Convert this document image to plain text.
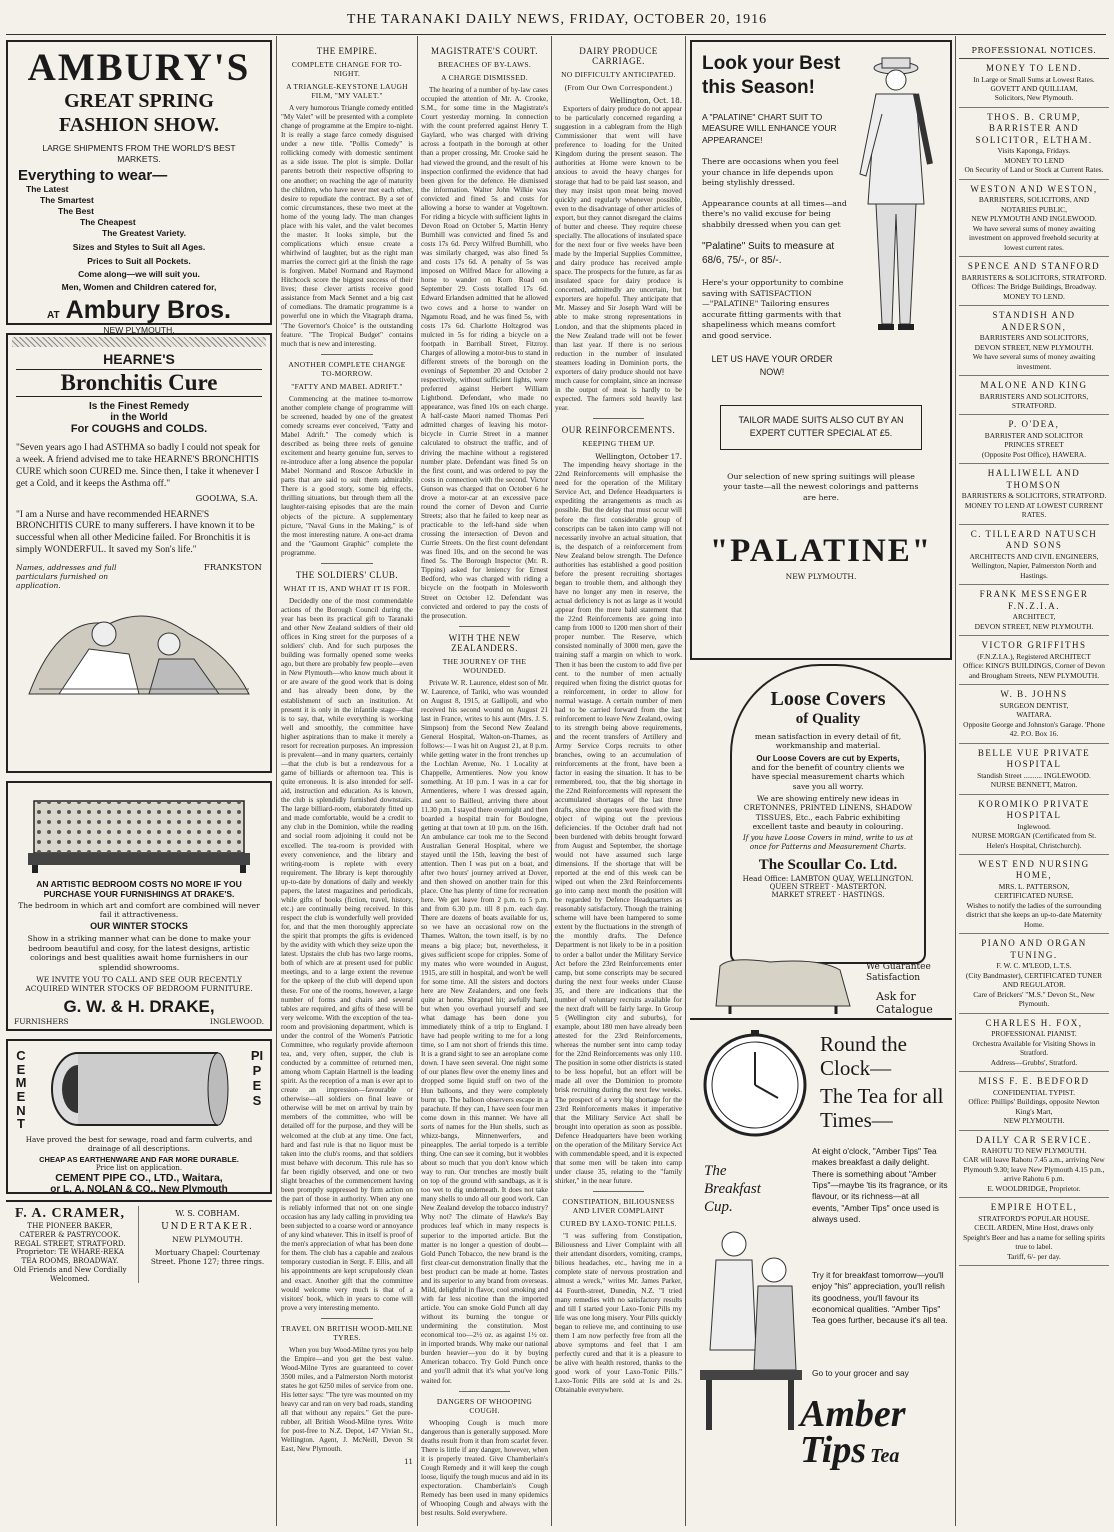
THE TARANAKI DAILY NEWS, FRIDAY, OCTOBER 20, 1916
AMBURY'S
GREAT SPRING
FASHION SHOW.
LARGE SHIPMENTS FROM THE WORLD'S BEST MARKETS.
Everything to wear—
The Latest
The Smartest
The Best
The Cheapest
The Greatest Variety.
Sizes and Styles to Suit all Ages.
Prices to Suit all Pockets.
Come along—we will suit you.
Men, Women and Children catered for,
AT Ambury Bros.
NEW PLYMOUTH.
HEARNE'S
Bronchitis Cure
Is the Finest Remedy
in the World
For COUGHS and COLDS.
"Seven years ago I had ASTHMA so badly I could not speak for a week. A friend advised me to take HEARNE'S BRONCHITIS CURE which soon CURED me. Since then, I take it whenever I get a Cold, and it keeps the Asthma off."
GOOLWA, S.A.
"I am a Nurse and have recommended HEARNE'S BRONCHITIS CURE to many sufferers. I have known it to be successful when all other Medicine failed. For Bronchitis it is simply WONDERFUL. It saved my Son's life."
Names, addresses and full particulars furnished on application.
FRANKSTON
AN ARTISTIC BEDROOM COSTS NO MORE IF YOU PURCHASE YOUR FURNISHINGS AT DRAKE'S.
The bedroom in which art and comfort are combined will never fail it attractiveness.
OUR WINTER STOCKS
Show in a striking manner what can be done to make your bedroom beautiful and cosy, for the latest designs, artistic colorings and best qualities await home furnishers in our splendid showrooms.
WE INVITE YOU TO CALL AND SEE OUR RECENTLY ACQUIRED WINTER STOCKS OF BEDROOM FURNITURE.
G. W. & H. DRAKE,
FURNISHERS	INGLEWOOD.
CEMENT
PIPES
Have proved the best for sewage, road and farm culverts, and drainage of all descriptions.
CHEAP AS EARTHENWARE AND FAR MORE DURABLE.
Price list on application.
CEMENT PIPE CO., LTD., Waitara,
or L. A. NOLAN & CO., New Plymouth
F. A. CRAMER,
THE PIONEER BAKER,
CATERER & PASTRYCOOK.
REGAL STREET, STRATFORD.
Proprietor: TE WHARE-REKA
TEA ROOMS, BROADWAY.
Old Friends and New Cordially Welcomed.
W. S. COBHAM.
UNDERTAKER.
NEW PLYMOUTH.
Mortuary Chapel: Courtenay Street. Phone 127; three rings.
THE EMPIRE.
COMPLETE CHANGE FOR TO-NIGHT.
A TRIANGLE-KEYSTONE LAUGH FILM, "MY VALET."

A very humorous Triangle comedy entitled "My Valet" will be presented with a complete change of programme at the Empire to-night. It is really a stage farce comedy disguised under a new title. "Pollis Comedy" is rollicking comedy with domestic sentiment as a side issue. The plot is simple. Dollar parents betroth their respective offspring to one another; on reaching the age of maturity the children, who have never met each other, desire to repudiate the contract. By a set of comic circumstances, these two meet at the home of the young lady. The man changes place with his valet, and the valet becomes the master. It looks simple, but the complications which ensue create a whirlwind of laughter, but as the right man marries the correct girl at the finish the rage is forgiven. Mabel Normand and Raymond Hitchcock score the biggest success of their lives; these clever artists receive good assistance from Mack Sennet and a big cast of comedians. The dramatic programme is a powerful one in which the Vitagraph drama, "The Governor's Choice" is the outstanding feature. "The Tropical Budget" contains much that is new and interesting.

ANOTHER COMPLETE CHANGE TO-MORROW.
"FATTY AND MABEL ADRIFT."

Commencing at the matinee to-morrow another complete change of programme will be screened, headed by one of the greatest comedy screams ever conceived, "Fatty and Mabel Adrift." The comedy which is described as being three reels of genuine excitement and hearty genuine fun, serves to re-introduce after a long absence the popular Mabel Normand and Roscoe Arbuckle in parts that are said to suit them admirably. There is a good story, some big effects, thrilling situations, but through them all the laughter-raising episodes that are the main objects of the picture. A supplementary picture, "Naval Guns in the Making," is of the most interesting nature. A one-act drama and the "Gaumont Graphic" complete the programme.

THE SOLDIERS' CLUB.
WHAT IT IS, AND WHAT IT IS FOR.

Decidedly one of the most commendable actions of the Borough Council during the year has been its practical gift to Taranaki and other New Zealand soldiers of their old offices in King street for the purposes of a soldiers' club. And for such purposes the building was formally opened some weeks ago, but there are probably few people—even in New Plymouth—who know much about it or are aware of the good work that is doing and has already been done, by the establishment of such an institution. At present it is only in the infantile stage—that is to say, that, while everything is working well and smoothly, the committee have higher aspirations than to make it merely a resort for recreation purposes. An impression is prevalent—and in many quarters, certainly—that the club is but a rendezvous for a game of billiards or afternoon tea. This is quite erroneous. It is also intended for self-aid, instruction and education. As is known, the club is splendidly furnished downstairs. The large billiard-room, elaborately fitted up and made comfortable, would be a credit to any club in the Dominion, while the reading and social room adjoining it could not be excelled. The tea-room is provided with every convenience, and the library and writing-room is replete with every requirement. The library is kept thoroughly up-to-date by donations of daily and weekly papers, the latest magazines and periodicals, while gifts of books (fiction, travel, history, etc.) are continually being received. In this respect the club is wonderfully well provided for, and that the men thoroughly appreciate the spirit that prompts the gifts is evidenced by the avidity with which they seize upon the latest. Upstairs the club has two large rooms, both of which are at present used for public meetings, and to a large extent the revenue for the upkeep of the club will depend upon these. For one of the rooms, however, a large number of forms and chairs and several tables are required, and gifts of these will be very welcome. With the exception of the tea-room and provisioning department, which is under the control of the Women's Patriotic Committee, who regularly provide afternoon tea, and, very often, supper, the club is conducted by a committee of returned men, among whom Captain Hartnell is the leading spirit. As the reception of a man is ever apt to create an impression—favourable or otherwise—all soldiers on final leave or otherwise will be met on arrival by train by members of the committee, who will be detailed off for the purpose, and they will be welcomed at the club at any time. One fact, hard and fast rule is that no liquor must be taken into the club's rooms, and that soldiers must behave with decorum. This rule has so far been rigidly observed, and one or two slight breaches of the commencement having been promptly suppressed by firm action on the part of those in authority. When any one is reliably informed that not on one single occasion has any lady calling in providing tea been subjected to a coarse word or annoyance of any kind whatever. This in itself is proof of the men's appreciation of what has been done for them. The club has a capable and zealous temporary custodian in Sergt. F. Ellis, and all his appointments are kept scrupulously clean and exact. Another gift that the committee would welcome very much is that of a visitors' book, which in years to come will prove a very interesting memento.

TRAVEL ON BRITISH WOOD-MILNE TYRES.

When you buy Wood-Milne tyres you help the Empire—and you get the best value. Wood-Milne Tyres are guaranteed to cover 3500 miles, and a Palmerston North motorist states he got 6250 miles of service from one. His letter says: "The tyre was mounted on my heavy car and ran on very bad roads, standing all that without any repairs." Get the pure-rubber, all British Wood-Milne tyres. Write for post-free to N.Z. Depot, 147 Vivian St., Wellington. Agent, J. McNeill, Devon St East, New Plymouth.

11
MAGISTRATE'S COURT.
BREACHES OF BY-LAWS.
A CHARGE DISMISSED.

The hearing of a number of by-law cases occupied the attention of Mr. A. Crooke, S.M., for some time in the Magistrate's Court yesterday morning. In connection with the count preferred against Henry T. Gaylard, who was charged with driving across a footpath in the borough at other than a proper crossing, Mr. Crooke said he had viewed the ground, and the result of his inspection confirmed the evidence that had been given for the defence. He dismissed the information. Walter John Wilkie was convicted and fined 5s and costs for allowing a horse to wander at Vogeltown. For riding a bicycle with sufficient lights in Devon Road on October 5, Martin Henry Burnhill was convicted and fined 5s and costs 17s 6d. Percy Wilfred Burnhill, who was similarly charged, was also fined 5s and costs 17s 6d. A penalty of 5s was imposed on Wilfred Mace for allowing a horse to wander on Korn Road on September 29. Costs totalled 17s 6d. Edward Erlandsen admitted that he allowed two cows and a horse to wander on Ngamotu Road, and he was fined 5s, with costs 17s 6d. Charlotte Holtzgrod was mulcted in 5s for riding a bicycle on a footpath in Barriball Street, Fitzroy. Charges of allowing a motor-bus to stand in different streets of the borough on the evenings of September 20 and October 2 respectively, without sufficient lights, were preferred against Herbert William Lightbond. Defendant, who made no appearance, was fined 10s on each charge. A half-caste Maori named Thomas Peri admitted charges of leaving his motor-bicycle in Currie Street in a manner calculated to obstruct the traffic, and of driving the machine without a registered number plate. Defendant was fined 5s on the first count, and was ordered to pay the costs in connection with the second. Victor Gunson was charged that on October 6 he drove a motor-car at an excessive pace round the corner of Devon and Currie Streets; also that he failed to keep near as practicable to the left-hand side when crossing the intersection of Devon and Currie Streets. On the first count defendant was fined 10s, and on the second he was fined 5s. The Borough Inspector (Mr. R. Tippins) asked for leniency for Ernest Bedford, who was charged with riding a bicycle on the footpath in Molesworth Street on October 12. Defendant was convicted and ordered to pay the costs of the prosecution.

WITH THE NEW ZEALANDERS.
THE JOURNEY OF THE WOUNDED.

Private W. R. Laurence, eldest son of Mr. W. Laurence, of Tariki, who was wounded on August 8, 1915, at Gallipoli, and who received his second wound on August 21 last in France, writes to his aunt (Mrs. J. S. Simpson) from the Second New Zealand General Hospital, Walton-on-Thames, as follows:— I was hit on August 21, at 8 p.m. while getting water in the front trenches up the Lochlan Avenue, No. 1 Locality at Chappelle, Armentieres. Now you know something. At 10 p.m. I was in a car for Armentieres, where I was dressed again, and sent to Bailleul, arriving there about 11.30 p.m. I stayed there overnight and then boarded a hospital train for Boulogne, getting at that town at 10 p.m. on the 16th. An ambulance car took me to the Second Australian General Hospital, where we stayed until the 15th, leaving the best of attention. Then I was put on a boat, and after two hours' journey arrived at Dover, and then showed on another train for this place. One has plenty of time for recreation here. We get leave from 2 p.m. to 5 p.m. and from 6.30 p.m. till 8 p.m. each day. There are dozens of boats available for us, so we have an occasional row on the Thames. Walton, the town itself, is by no means a big place; but, nevertheless, it gives sufficient scope for cripples. Some of my mates who were wounded in August, 1915, are still in hospital, and won't be well for some time. All the sisters and doctors here are New Zealanders, and one feels quite at home. Shrapnel hit; awfully hard, but when you overhaul yourself and see what damage has been done you immediately think of a trip to England. I have had people writing to me for a long time, so I am not short of friends this time. It is a grand sight to see an aeroplane come down. I have seen several. One night some of our planes flew over the enemy lines and dropped some liquid stuff on two of the Hun balloons, and they were completely burnt up. The balloon observers escape in a parachute. If they can, I have seen four men come down in this manner. We have all sorts of names for the Hun shells, such as whizz-bangs, Minnenwerfers, and pineapples. The aerial torpedo is a terrible thing. One can see it coming, but it wobbles about so much that you don't know which way to run. Our trenches are mostly built on top of the ground with sandbags, as it is too wet to dig underneath. It does not take many shells to undo all our good work. Can New Zealand develop the tobacco industry? Why not? The climate of Hawke's Bay produces leaf which in many respects is superior to the imported article. But the matter is no longer a question of doubt—Gold Punch Tobacco, the new brand is the first clear-cut demonstration finally that the best product can be made at home. Tastes and its superior to any brand from overseas. Mild, delightful in flavor, cool smoking and with far less nicotine than the imported article. You can smoke Gold Punch all day without its burning the tongue or undermining the constitution. Most economical too—2½ oz. as against 1½ oz. in imported brands. Why make our national burden heavier—you do it by buying American tobacco. Try Gold Punch once and you'll admit that it's what you've long waited for.

DANGERS OF WHOOPING COUGH.

Whooping Cough is much more dangerous than is generally supposed. More deaths result from it than from scarlet fever. There is little if any danger, however, when it is properly treated. Give Chamberlain's Cough Remedy and it will keep the cough loose, liquify the tough mucus and aid in its expectoration. Chamberlain's Cough Remedy has been used in many epidemics of Whooping Cough and always with the best results. Sold everywhere.

DAIRY PRODUCE CARRIAGE.
NO DIFFICULTY ANTICIPATED.
(From Our Own Correspondent.)
Wellington, Oct. 18.

Exporters of dairy produce do not appear to be particularly concerned regarding a suggestion in a cablegram from the High Commissioner that went will have preference to loading for the United Kingdom during the present season. The authorities at Home were known to be anxious to avoid the heavy charges for storage that had to be paid last season, and they may insist upon meat being moved quickly and regularly whenever possible, even to the disadvantage of other articles of export, but they cannot disregard the claims of butter and cheese. They require cheese specially. The allocations of insulated space for the next four or five weeks have been made by the Imperial Supplies Committee, and dairy produce has received ample space. The prospects for the future, as far as insulated space for dairy produce is concerned, admittedly are uncertain, but exporters are hopeful. They anticipate that Mr. Massey and Sir Joseph Ward will be able to make strong representations in London, and that the shipments placed in the New Zealand trade will not be fewer than last year. If there is no serious reduction in the number of insulated steamers loading in Dominion ports, the exporters of dairy produce should not have much cause for complaint, since an increase in the output of meat is hardly to be expected. The farmers sold heavily last year.

OUR REINFORCEMENTS.
KEEPING THEM UP.
Wellington, October 17.

The impending heavy shortage in the 22nd Reinforcements will emphasise the need for the operation of the Military Service Act, and Defence Headquarters is expediting the arrangements as much as possible. But the delay that must occur will before the first considerable group of conscripts can be taken into camp will not necessarily involve an actual situation, that is, the despatch of a reinforcement from New Zealand below strength. The Defence authorities has established a good position before the present recruiting shortages began to trouble them, and although they have no longer any men in reserve, the actual deficiency is not as large as it would appear from the mere bald statement that the 22nd Reinforcements are going into camp from 1000 to 1200 men short of their proper number. The Reserve, which consisted nominally of 3000 men, gave the training staff a margin on which to work. Then it has been the custom to add five per cent. to the number of men actually required when fixing the district quotas for a reinforcement, in order to allow for normal wastage. A certain number of men had to be carried forward from the last reinforcement to leave New Zealand, owing to its strength being above requirements, and the recent transfers of Artillery and Army Service Corps recruits to other branches, owing to an accumulation of reinforcements at the front, have been a factor in easing the situation. It has to be remembered, too, that the big shortage in the 22nd Reinforcements will represent the accumulated shortages of the last three drafts, since the quotas were fixed with the object of wiping out the previous deficiencies. If the October draft had not been burdened with debits brought forward from August and September, the shortage would not have assumed such large dimensions. If the shortage that will be reported at the end of this week can be wiped out when the 23rd Reinforcements go into camp next month the position will be regarded by Defence Headquarters as reasonably satisfactory. Though the training scheme will have been hampered to some extent by the fluctuations in the strength of the monthly drafts. The Defence Department is not likely to be in a position to order a ballot under the Military Service Act before the 23rd Reinforcements enter camp, but some conscripts may be secured during the next four weeks under Clause 35, and there are indications that the number of voluntary recruits available for the next draft will be fairly large. In Group 5 (Wellington city and suburbs), for example, about 180 men have already been attested for the 23rd Reinforcements, whereas the number sent into camp today for the 22nd Reinforcements was only 110. The position in some other districts is stated to be less hopeful, but an effort will be made all over the Dominion to promote brisk recruiting during the next few weeks. The prospect of a very big shortage for the 23rd Reinforcements makes it imperative that the Military Service Act shall be brought into operation as soon as possible. Defence Headquarters have been working on the operation of the Military Service Act with commendable speed, and it is expected that some men will be taken into camp under clause 35, relating to the "family shirker," in the near future.

CONSTIPATION, BILIOUSNESS AND LIVER COMPLAINT
CURED BY LAXO-TONIC PILLS.

"I was suffering from Constipation, Biliousness and Liver Complaint with all their attendant disorders, vomiting, cramps, bilious headaches, etc., having me in a complete state of nervous prostration and almost a wreck," writes Mr. James Parker, 44 Fourth-street, Dunedin, N.Z. "I tried many remedies with no satisfactory results and till I started your Laxo-Tonic Pills my life was one long misery. Your Pills quickly began to relieve me, and continuing to use them I am now perfectly free from all the above symptoms and feel that I am perfectly cured and that it is a pleasure to be alive with health restored, thanks to the good work of your Laxo-Tonic Pills." Laxo-Tonic Pills are sold at 1s and 2s. Obtainable everywhere.

Look your Best this Season!
A "PALATINE" CHART SUIT TO MEASURE WILL ENHANCE YOUR APPEARANCE!
There are occasions when you feel your chance in life depends upon being stylishly dressed.
Appearance counts at all times—and there's no valid excuse for being shabbily dressed when you can get
"Palatine" Suits to measure at 68/6, 75/-, or 85/-.
Here's your opportunity to combine saving with SATISFACTION—"PALATINE" Tailoring ensures accurate fitting garments with that shapeliness which means comfort and good service.
LET US HAVE YOUR ORDER NOW!
TAILOR MADE SUITS ALSO CUT BY AN EXPERT CUTTER SPECIAL AT £5.
Our selection of new spring suitings will please your taste—all the newest colorings and patterns are here.
"PALATINE"
NEW PLYMOUTH.
Loose Covers
of Quality
mean satisfaction in every detail of fit, workmanship and material.
Our Loose Covers are cut by Experts,
and for the benefit of country clients we have special measurement charts which save you all worry.
We are showing entirely new ideas in CRETONNES, PRINTED LINENS, SHADOW TISSUES, Etc., each Fabric exhibiting excellent taste and beauty in colouring.
If you have Loose Covers in mind, write to us at once for Patterns and Measurement Charts.
The Scoullar Co. Ltd.
Head Office: LAMBTON QUAY, WELLINGTON.
QUEEN STREET · MASTERTON.
MARKET STREET · HASTINGS.
We Guarantee Satisfaction
Ask for Catalogue
Round the Clock—
The Tea for all Times—
The Breakfast Cup.
At eight o'clock, "Amber Tips" Tea makes breakfast a daily delight. There is something about "Amber Tips"—maybe 'tis its fragrance, or its flavour, or its richness—at all events, "Amber Tips" once used is always used.
Try it for breakfast tomorrow—you'll enjoy "his" appreciation, you'll relish its goodness, you'll favour its economical qualities. "Amber Tips" Tea goes further, because it's all tea.
Go to your grocer and say
Amber
Tips Tea
PROFESSIONAL NOTICES.
MONEY TO LEND.
In Large or Small Sums at Lowest Rates.
GOVETT AND QUILLIAM,
Solicitors, New Plymouth.
THOS. B. CRUMP, BARRISTER AND SOLICITOR, ELTHAM.
Visits Kaponga, Fridays.
MONEY TO LEND
On Security of Land or Stock at Current Rates.
WESTON AND WESTON,
BARRISTERS, SOLICITORS, AND NOTARIES PUBLIC,
NEW PLYMOUTH AND INGLEWOOD.
We have several sums of money awaiting investment on approved freehold security at lowest current rates.
SPENCE AND STANFORD
BARRISTERS & SOLICITORS, STRATFORD.
Offices: The Bridge Buildings, Broadway.
MONEY TO LEND.
STANDISH AND ANDERSON,
BARRISTERS AND SOLICITORS,
DEVON STREET, NEW PLYMOUTH.
We have several sums of money awaiting investment.
MALONE AND KING
BARRISTERS AND SOLICITORS,
STRATFORD.
P. O'DEA,
BARRISTER AND SOLICITOR
PRINCES STREET
(Opposite Post Office), HAWERA.
HALLIWELL AND THOMSON
BARRISTERS & SOLICITORS, STRATFORD.
MONEY TO LEND AT LOWEST CURRENT RATES.
C. TILLEARD NATUSCH AND SONS
ARCHITECTS AND CIVIL ENGINEERS,
Wellington, Napier, Palmerston North and Hastings.
FRANK MESSENGER F.N.Z.I.A.
ARCHITECT,
DEVON STREET, NEW PLYMOUTH.
VICTOR GRIFFITHS
(F.N.Z.I.A.), Registered ARCHITECT
Office: KING'S BUILDINGS, Corner of Devon and Brougham Streets, NEW PLYMOUTH.
W. B. JOHNS
SURGEON DENTIST,
WAITARA.
Opposite George and Johnston's Garage. 'Phone 42. P.O. Box 16.
BELLE VUE PRIVATE HOSPITAL
Standish Street .......... INGLEWOOD.
NURSE BENNETT, Matron.
KOROMIKO PRIVATE HOSPITAL
Inglewood.
NURSE MORGAN (Certificated from St. Helen's Hospital, Christchurch).
WEST END NURSING HOME,
MRS. L. PATTERSON,
CERTIFICATED NURSE.
Wishes to notify the ladies of the surrounding district that she keeps an up-to-date Maternity Home.
PIANO AND ORGAN TUNING.
F. W. C. M'LEOD, L.T.S.
(City Bandmaster), CERTIFICATED TUNER AND REGULATOR.
Care of Brickers' "M.S." Devon St., New Plymouth.
CHARLES H. FOX,
PROFESSIONAL PIANIST.
Orchestra Available for Visiting Shows in Stratford.
Address—Grubbs', Stratford.
MISS F. E. BEDFORD
CONFIDENTIAL TYPIST.
Office: Phillips' Buildings, opposite Newton King's Mart,
NEW PLYMOUTH.
DAILY CAR SERVICE.
RAHOTU TO NEW PLYMOUTH.
CAR will leave Rahotu 7.45 a.m., arriving New Plymouth 9.30; leave New Plymouth 4.15 p.m., arrive Rahotu 6 p.m.
E. WOOLDRIDGE, Proprietor.
EMPIRE HOTEL,
STRATFORD'S POPULAR HOUSE.
CECIL ARDEN, Mine Host, draws only Speight's Beer and has a name for selling spirits true to label.
Tariff, 6/- per day.
